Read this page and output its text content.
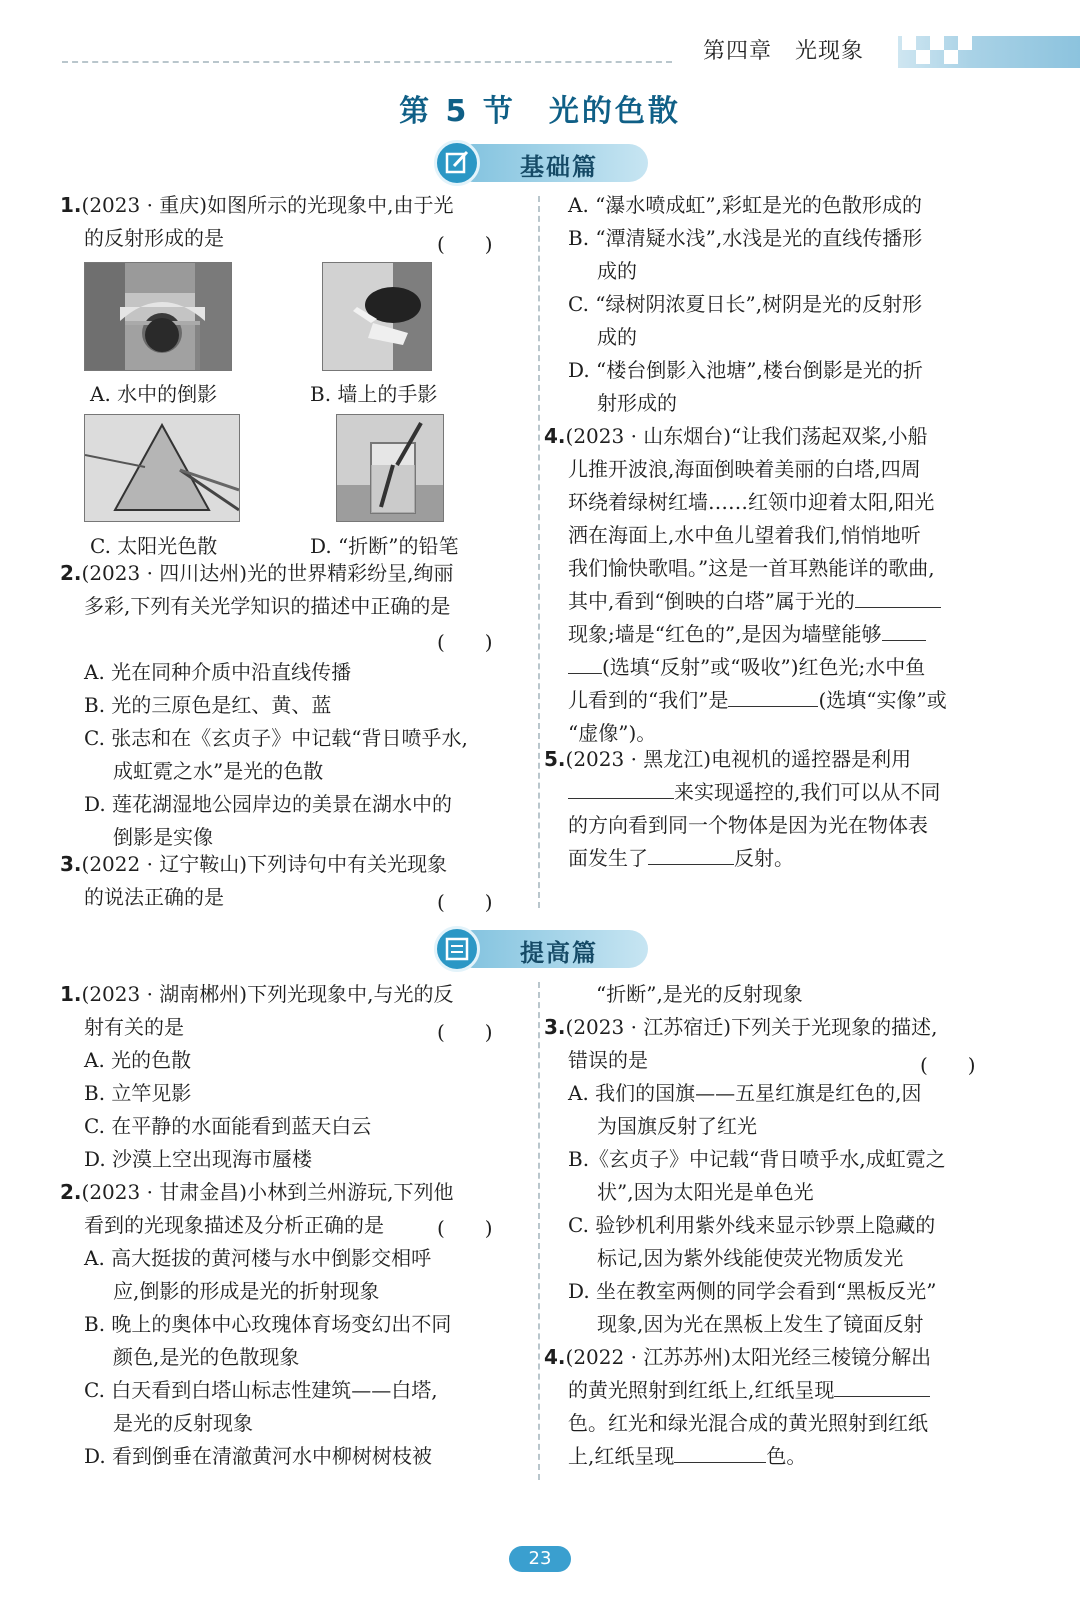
第四章　光现象
第 5 节　光的色散
基础篇
1.(2023 · 重庆)如图所示的光现象中,由于光
的反射形成的是	(　　)
A. 水中的倒影	B. 墙上的手影
C. 太阳光色散	D. “折断”的铅笔
2.(2023 · 四川达州)光的世界精彩纷呈,绚丽
多彩,下列有关光学知识的描述中正确的是

A. 光在同种介质中沿直线传播
B. 光的三原色是红、黄、蓝
C. 张志和在《玄贞子》中记载“背日喷乎水,
成虹霓之水”是光的色散
D. 莲花湖湿地公园岸边的美景在湖水中的
倒影是实像
(　　)
3.(2022 · 辽宁鞍山)下列诗句中有关光现象
的说法正确的是	(　　)
A. “瀑水喷成虹”,彩虹是光的色散形成的
B. “潭清疑水浅”,水浅是光的直线传播形
成的
C. “绿树阴浓夏日长”,树阴是光的反射形
成的
D. “楼台倒影入池塘”,楼台倒影是光的折
射形成的
4.(2023 · 山东烟台)“让我们荡起双桨,小船
儿推开波浪,海面倒映着美丽的白塔,四周
环绕着绿树红墙……红领巾迎着太阳,阳光
洒在海面上,水中鱼儿望着我们,悄悄地听
我们愉快歌唱。”这是一首耳熟能详的歌曲,
其中,看到“倒映的白塔”属于光的
现象;墙是“红色的”,是因为墙壁能够
(选填“反射”或“吸收”)红色光;水中鱼
儿看到的“我们”是	(选填“实像”或
“虚像”)。
5.(2023 · 黑龙江)电视机的遥控器是利用
来实现遥控的,我们可以从不同
的方向看到同一个物体是因为光在物体表
面发生了	反射。
提高篇
1.(2023 · 湖南郴州)下列光现象中,与光的反
射有关的是
A. 光的色散
B. 立竿见影
C. 在平静的水面能看到蓝天白云
D. 沙漠上空出现海市蜃楼
(　　)
2.(2023 · 甘肃金昌)小林到兰州游玩,下列他
看到的光现象描述及分析正确的是
A. 高大挺拔的黄河楼与水中倒影交相呼
应,倒影的形成是光的折射现象
B. 晚上的奥体中心玫瑰体育场变幻出不同
颜色,是光的色散现象
C. 白天看到白塔山标志性建筑——白塔,
是光的反射现象
D. 看到倒垂在清澈黄河水中柳树树枝被
(　　)
“折断”,是光的反射现象
3.(2023 · 江苏宿迁)下列关于光现象的描述,
错误的是
A. 我们的国旗——五星红旗是红色的,因
为国旗反射了红光
B.《玄贞子》中记载“背日喷乎水,成虹霓之
状”,因为太阳光是单色光
C. 验钞机利用紫外线来显示钞票上隐藏的
标记,因为紫外线能使荧光物质发光
D. 坐在教室两侧的同学会看到“黑板反光”
现象,因为光在黑板上发生了镜面反射
(　　)
4.(2022 · 江苏苏州)太阳光经三棱镜分解出
的黄光照射到红纸上,红纸呈现
色。红光和绿光混合成的黄光照射到红纸
上,红纸呈现	色。
23
